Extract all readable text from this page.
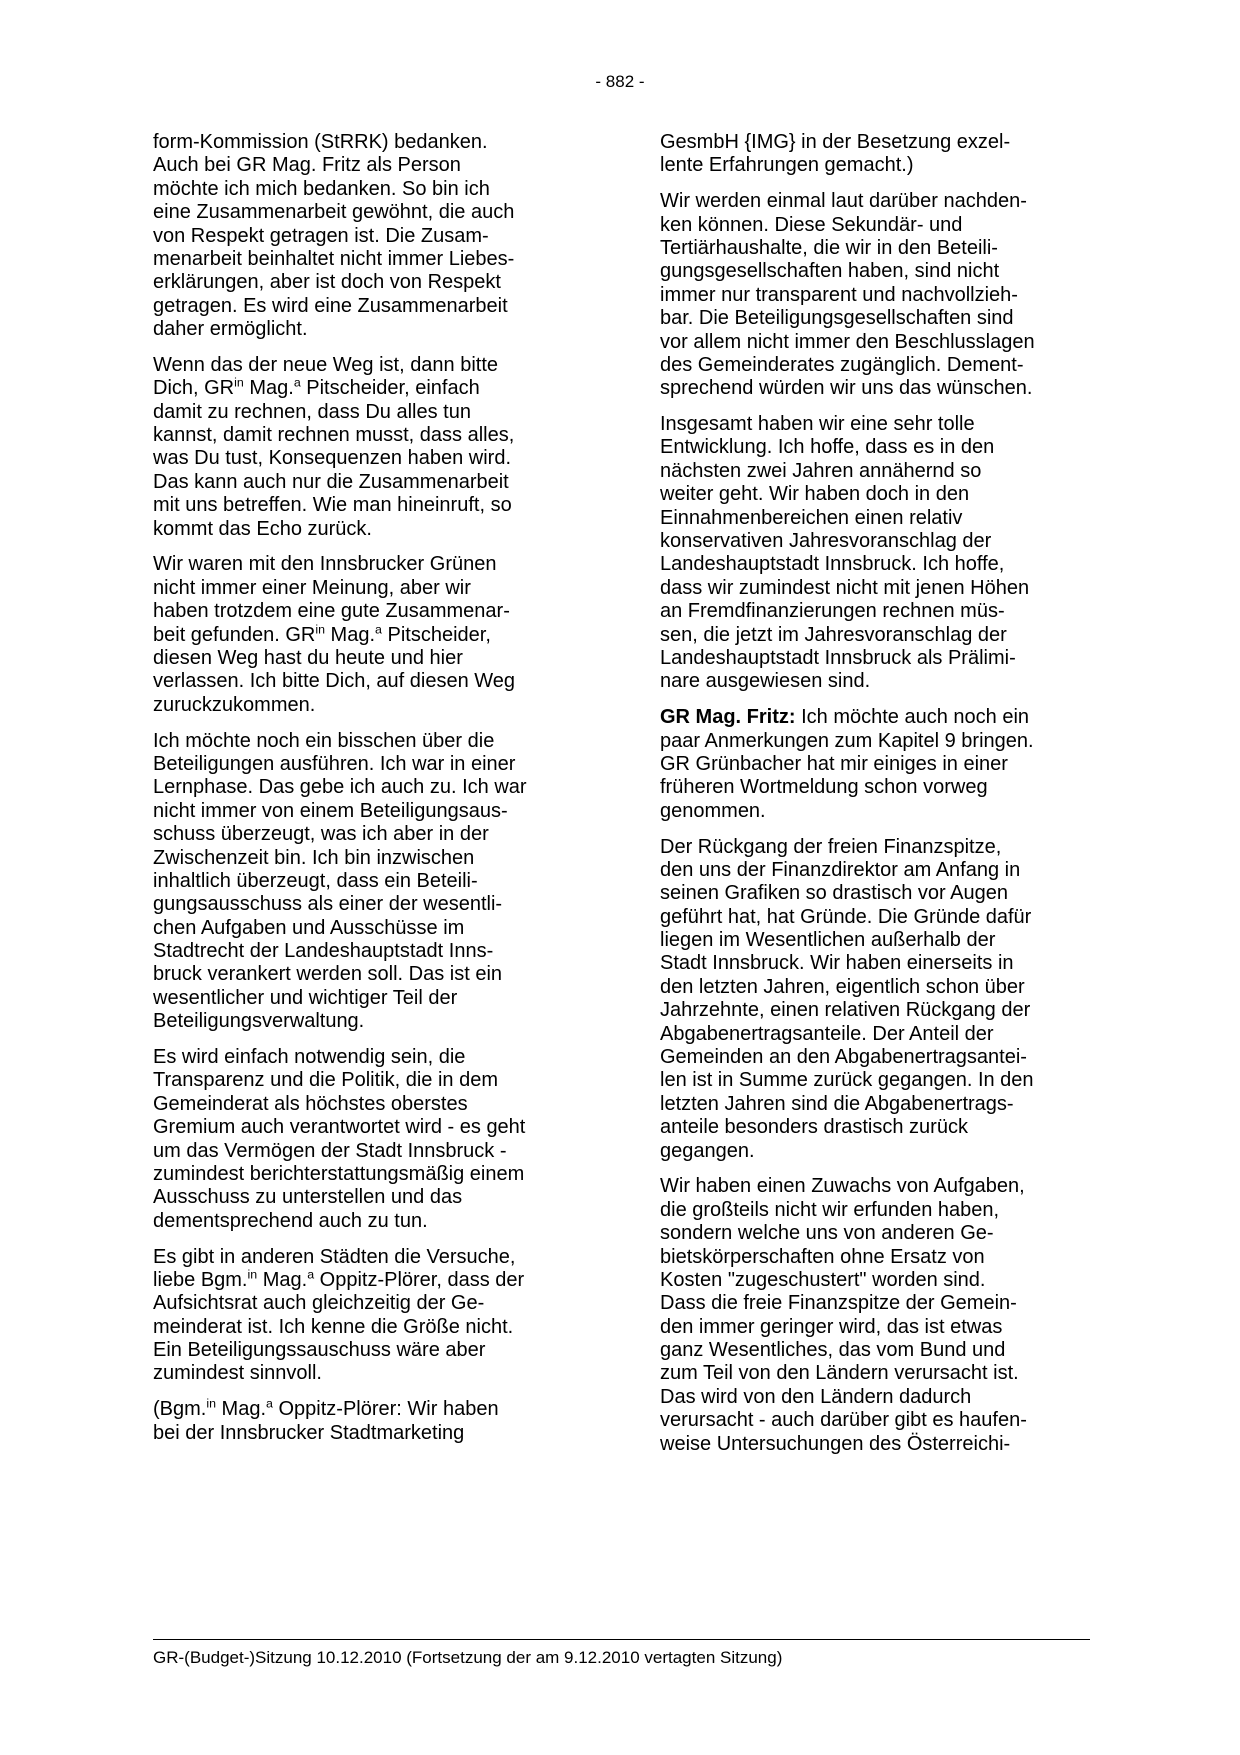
- 882 -
form-Kommission (StRRK) bedanken.
Auch bei GR Mag. Fritz als Person
möchte ich mich bedanken. So bin ich
eine Zusammenarbeit gewöhnt, die auch
von Respekt getragen ist. Die Zusam-
menarbeit beinhaltet nicht immer Liebes-
erklärungen, aber ist doch von Respekt
getragen. Es wird eine Zusammenarbeit
daher ermöglicht.
Wenn das der neue Weg ist, dann bitte
Dich, $GR^{in}$ Mag.$^a$ Pitscheider, einfach
damit zu rechnen, dass Du alles tun
kannst, damit rechnen musst, dass alles,
was Du tust, Konsequenzen haben wird.
Das kann auch nur die Zusammenarbeit
mit uns betreffen. Wie man hineinruft, so
kommt das Echo zurück.
Wir waren mit den Innsbrucker Grünen
nicht immer einer Meinung, aber wir
haben trotzdem eine gute Zusammenar-
beit gefunden. $GR^{in}$ Mag.$^a$ Pitscheider,
diesen Weg hast du heute und hier
verlassen. Ich bitte Dich, auf diesen Weg
zuruckzukommen.
Ich möchte noch ein bisschen über die
Beteiligungen ausführen. Ich war in einer
Lernphase. Das gebe ich auch zu. Ich war
nicht immer von einem Beteiligungsaus-
schuss überzeugt, was ich aber in der
Zwischenzeit bin. Ich bin inzwischen
inhaltlich überzeugt, dass ein Beteili-
gungsausschuss als einer der wesentli-
chen Aufgaben und Ausschüsse im
Stadtrecht der Landeshauptstadt Inns-
bruck verankert werden soll. Das ist ein
wesentlicher und wichtiger Teil der
Beteiligungsverwaltung.
Es wird einfach notwendig sein, die
Transparenz und die Politik, die in dem
Gemeinderat als höchstes oberstes
Gremium auch verantwortet wird - es geht
um das Vermögen der Stadt Innsbruck -
zumindest berichterstattungsmäßig einem
Ausschuss zu unterstellen und das
dementsprechend auch zu tun.
Es gibt in anderen Städten die Versuche,
liebe Bgm.$^{in}$ Mag.$^a$ Oppitz-Plörer, dass der
Aufsichtsrat auch gleichzeitig der Ge-
meinderat ist. Ich kenne die Größe nicht.
Ein Beteiligungssauschuss wäre aber
zumindest sinnvoll.
(Bgm.$^{in}$ Mag.$^a$ Oppitz-Plörer: Wir haben
bei der Innsbrucker Stadtmarketing
GesmbH {IMG} in der Besetzung exzel-
lente Erfahrungen gemacht.)
Wir werden einmal laut darüber nachden-
ken können. Diese Sekundär- und
Tertiärhaushalte, die wir in den Beteili-
gungsgesellschaften haben, sind nicht
immer nur transparent und nachvollzieh-
bar. Die Beteiligungsgesellschaften sind
vor allem nicht immer den Beschlusslagen
des Gemeinderates zugänglich. Dement-
sprechend würden wir uns das wünschen.
Insgesamt haben wir eine sehr tolle
Entwicklung. Ich hoffe, dass es in den
nächsten zwei Jahren annähernd so
weiter geht. Wir haben doch in den
Einnahmenbereichen einen relativ
konservativen Jahresvoranschlag der
Landeshauptstadt Innsbruck. Ich hoffe,
dass wir zumindest nicht mit jenen Höhen
an Fremdfinanzierungen rechnen müs-
sen, die jetzt im Jahresvoranschlag der
Landeshauptstadt Innsbruck als Prälimi-
nare ausgewiesen sind.
GR Mag. Fritz: Ich möchte auch noch ein
paar Anmerkungen zum Kapitel 9 bringen.
GR Grünbacher hat mir einiges in einer
früheren Wortmeldung schon vorweg
genommen.
Der Rückgang der freien Finanzspitze,
den uns der Finanzdirektor am Anfang in
seinen Grafiken so drastisch vor Augen
geführt hat, hat Gründe. Die Gründe dafür
liegen im Wesentlichen außerhalb der
Stadt Innsbruck. Wir haben einerseits in
den letzten Jahren, eigentlich schon über
Jahrzehnte, einen relativen Rückgang der
Abgabenertragsanteile. Der Anteil der
Gemeinden an den Abgabenertragsantei-
len ist in Summe zurück gegangen. In den
letzten Jahren sind die Abgabenertrags-
anteile besonders drastisch zurück
gegangen.
Wir haben einen Zuwachs von Aufgaben,
die großteils nicht wir erfunden haben,
sondern welche uns von anderen Ge-
bietskörperschaften ohne Ersatz von
Kosten "zugeschustert" worden sind.
Dass die freie Finanzspitze der Gemein-
den immer geringer wird, das ist etwas
ganz Wesentliches, das vom Bund und
zum Teil von den Ländern verursacht ist.
Das wird von den Ländern dadurch
verursacht - auch darüber gibt es haufen-
weise Untersuchungen des Österreichi-
GR-(Budget-)Sitzung 10.12.2010 (Fortsetzung der am 9.12.2010 vertagten Sitzung)
